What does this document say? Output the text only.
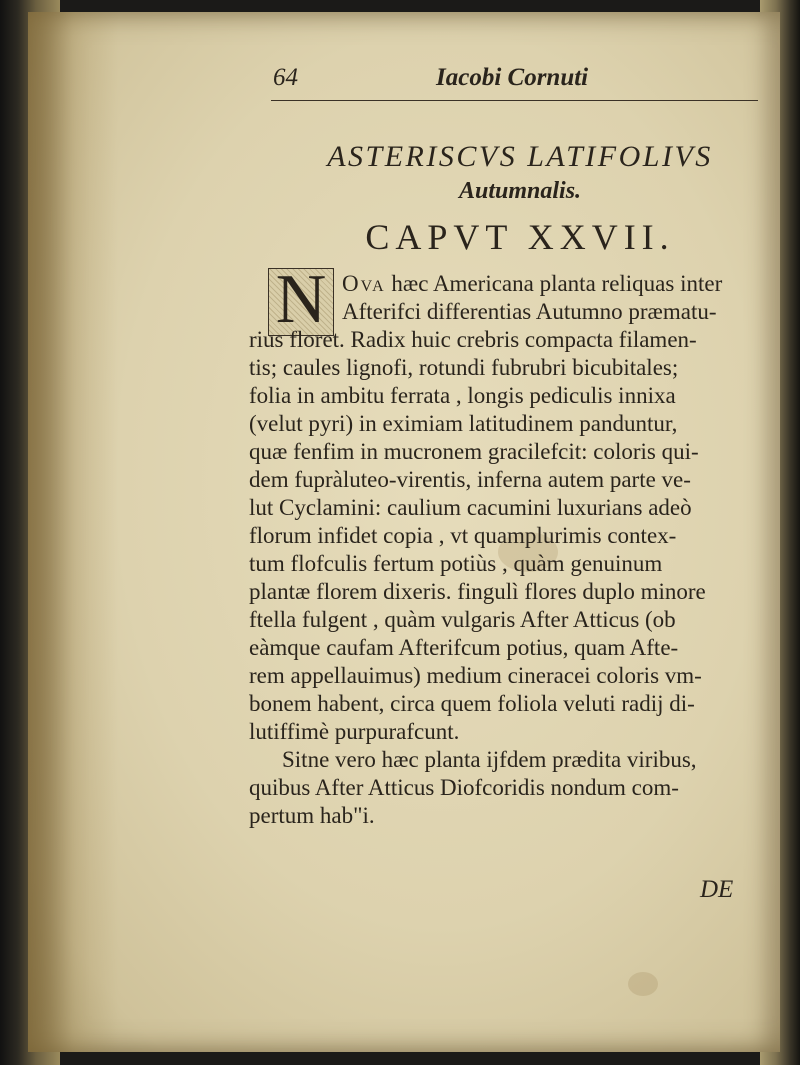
64	Iacobi Cornuti
ASTERISCVS LATIFOLIVS
Autumnalis.
CAPVT XXVII.
N Ova hæc Americana planta reliquas inter
Afterifci differentias Autumno præmatu-
rius floret. Radix huic crebris compacta filamen-
tis; caules lignofi, rotundi fubrubri bicubitales;
folia in ambitu ferrata , longis pediculis innixa
(velut pyri) in eximiam latitudinem panduntur,
quæ fenfim in mucronem gracilefcit: coloris qui-
dem fupràluteo-virentis, inferna autem parte ve-
lut Cyclamini: caulium cacumini luxurians adeò
florum infidet copia , vt quamplurimis contex-
tum flofculis fertum potiùs , quàm genuinum
plantæ florem dixeris. fingulì flores duplo minore
ftella fulgent , quàm vulgaris After Atticus (ob
eàmque caufam Afterifcum potius, quam Afte-
rem appellauimus) medium cineracei coloris vm-
bonem habent, circa quem foliola veluti radij di-
lutiffimè purpurafcunt.
Sitne vero hæc planta ijfdem prædita viribus,
quibus After Atticus Diofcoridis nondum com-
pertum hab"i.
DE
